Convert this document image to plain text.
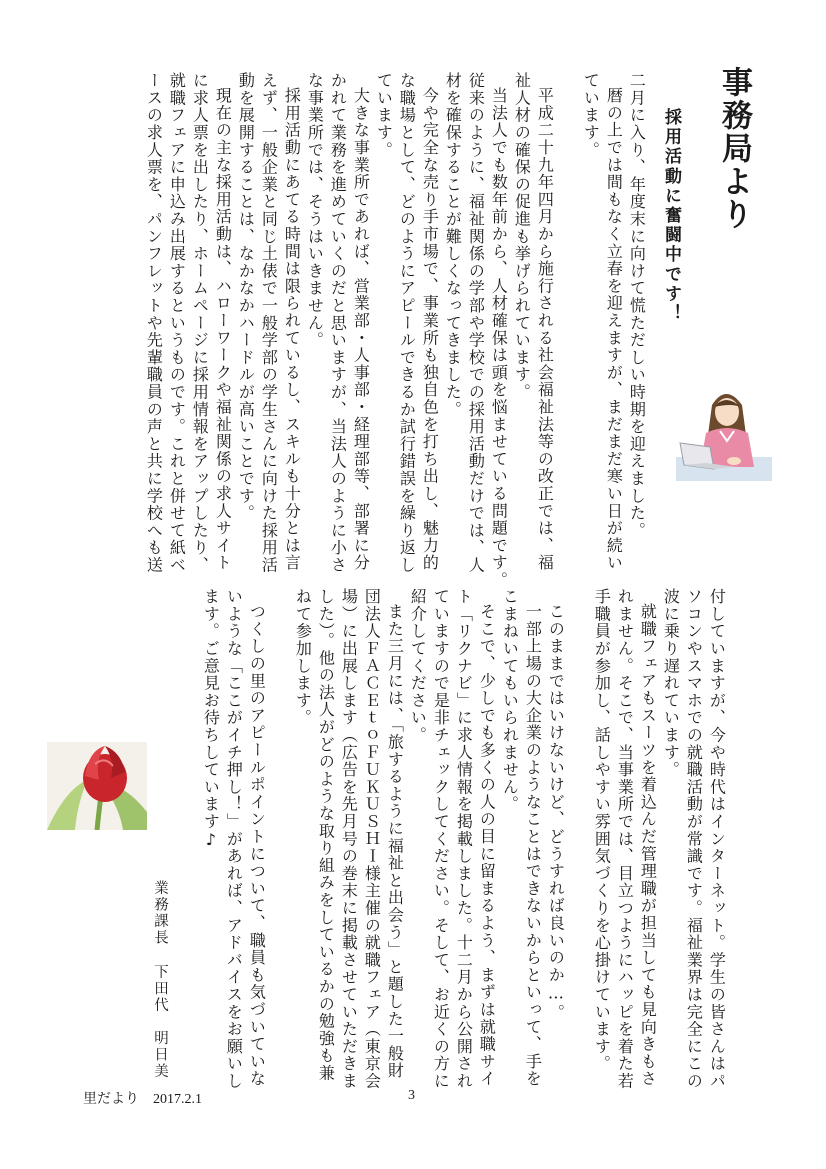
事務局より
採用活動に奮闘中です！
二月に入り、年度末に向けて慌ただしい時期を迎えました。
暦の上では間もなく立春を迎えますが、まだまだ寒い日が続い
ています。
平成二十九年四月から施行される社会福祉法等の改正では、福
祉人材の確保の促進も挙げられています。
当法人でも数年前から、人材確保は頭を悩ませている問題です。
従来のように、福祉関係の学部や学校での採用活動だけでは、人
材を確保することが難しくなってきました。
今や完全な売り手市場で、事業所も独自色を打ち出し、魅力的
な職場として、どのようにアピールできるか試行錯誤を繰り返し
ています。
大きな事業所であれば、営業部・人事部・経理部等、部署に分
かれて業務を進めていくのだと思いますが、当法人のように小さ
な事業所では、そうはいきません。
採用活動にあてる時間は限られているし、スキルも十分とは言
えず、一般企業と同じ土俵で一般学部の学生さんに向けた採用活
動を展開することは、なかなかハードルが高いことです。
現在の主な採用活動は、ハローワークや福祉関係の求人サイト
に求人票を出したり、ホームページに採用情報をアップしたり、
就職フェアに申込み出展するというものです。これと併せて紙ベ
ースの求人票を、パンフレットや先輩職員の声と共に学校へも送
付していますが、今や時代はインターネット。学生の皆さんはパ
ソコンやスマホでの就職活動が常識です。福祉業界は完全にこの
波に乗り遅れています。
就職フェアもスーツを着込んだ管理職が担当しても見向きもさ
れません。そこで、当事業所では、目立つようにハッピを着た若
手職員が参加し、話しやすい雰囲気づくりを心掛けています。
このままではいけないけど、どうすれば良いのか…。
一部上場の大企業のようなことはできないからといって、手を
こまねいてもいられません。
そこで、少しでも多くの人の目に留まるよう、まずは就職サイ
ト「リクナビ」に求人情報を掲載しました。十二月から公開され
ていますので是非チェックしてください。そして、お近くの方に
紹介してください。
また三月には、「旅するように福祉と出会う」と題した一般財
団法人ＦＡＣＥｔｏＦＵＫＵＳＨＩ様主催の就職フェア（東京会
場）に出展します（広告を先月号の巻末に掲載させていただきま
した）。他の法人がどのような取り組みをしているかの勉強も兼
ねて参加します。
つくしの里のアピールポイントについて、職員も気づいていな
いような「ここがイチ押し！」があれば、アドバイスをお願いし
ます。ご意見お待ちしています♪
業務課長
下田代　明日美
里だより　2017.2.1	3
